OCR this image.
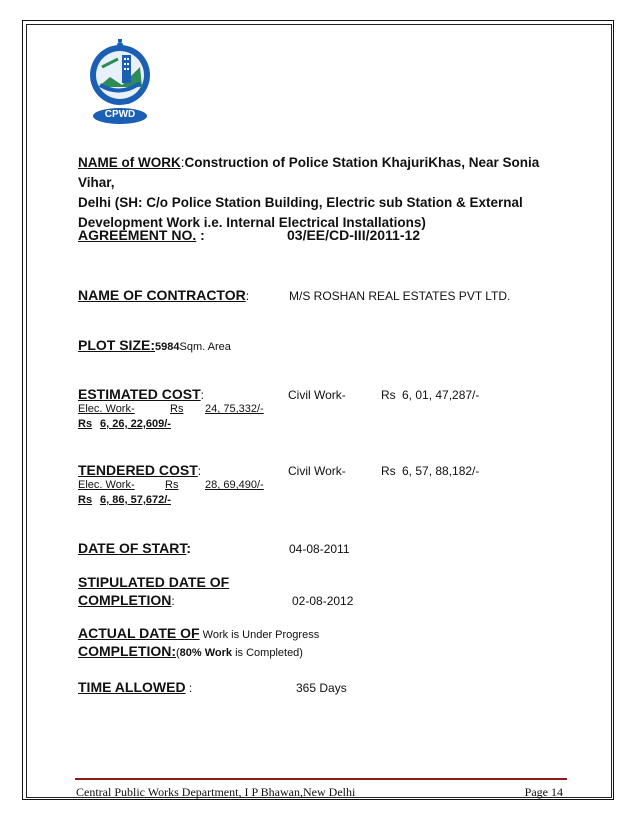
CPWD
NAME of WORK:Construction of Police Station KhajuriKhas, Near Sonia Vihar,
Delhi (SH: C/o Police Station Building, Electric sub Station & External
Development Work i.e. Internal Electrical Installations)
AGREEMENT NO. :	03/EE/CD-III/2011-12
NAME OF CONTRACTOR:	M/S ROSHAN REAL ESTATES PVT LTD.
PLOT SIZE:5984Sqm. Area
ESTIMATED COST:	Civil Work-	Rs 6, 01, 47,287/-
Elec. Work-	Rs 24, 75,332/-
Rs 6, 26, 22,609/-
TENDERED COST:	Civil Work-	Rs 6, 57, 88,182/-
Elec. Work-	Rs 28, 69,490/-
Rs 6, 86, 57,672/-
DATE OF START:	04-08-2011
STIPULATED DATE OF
COMPLETION:	02-08-2012
ACTUAL DATE OF Work is Under Progress
COMPLETION:(80% Work is Completed)
TIME ALLOWED :	365 Days
Central Public Works Department, I P Bhawan,New Delhi	Page 14
